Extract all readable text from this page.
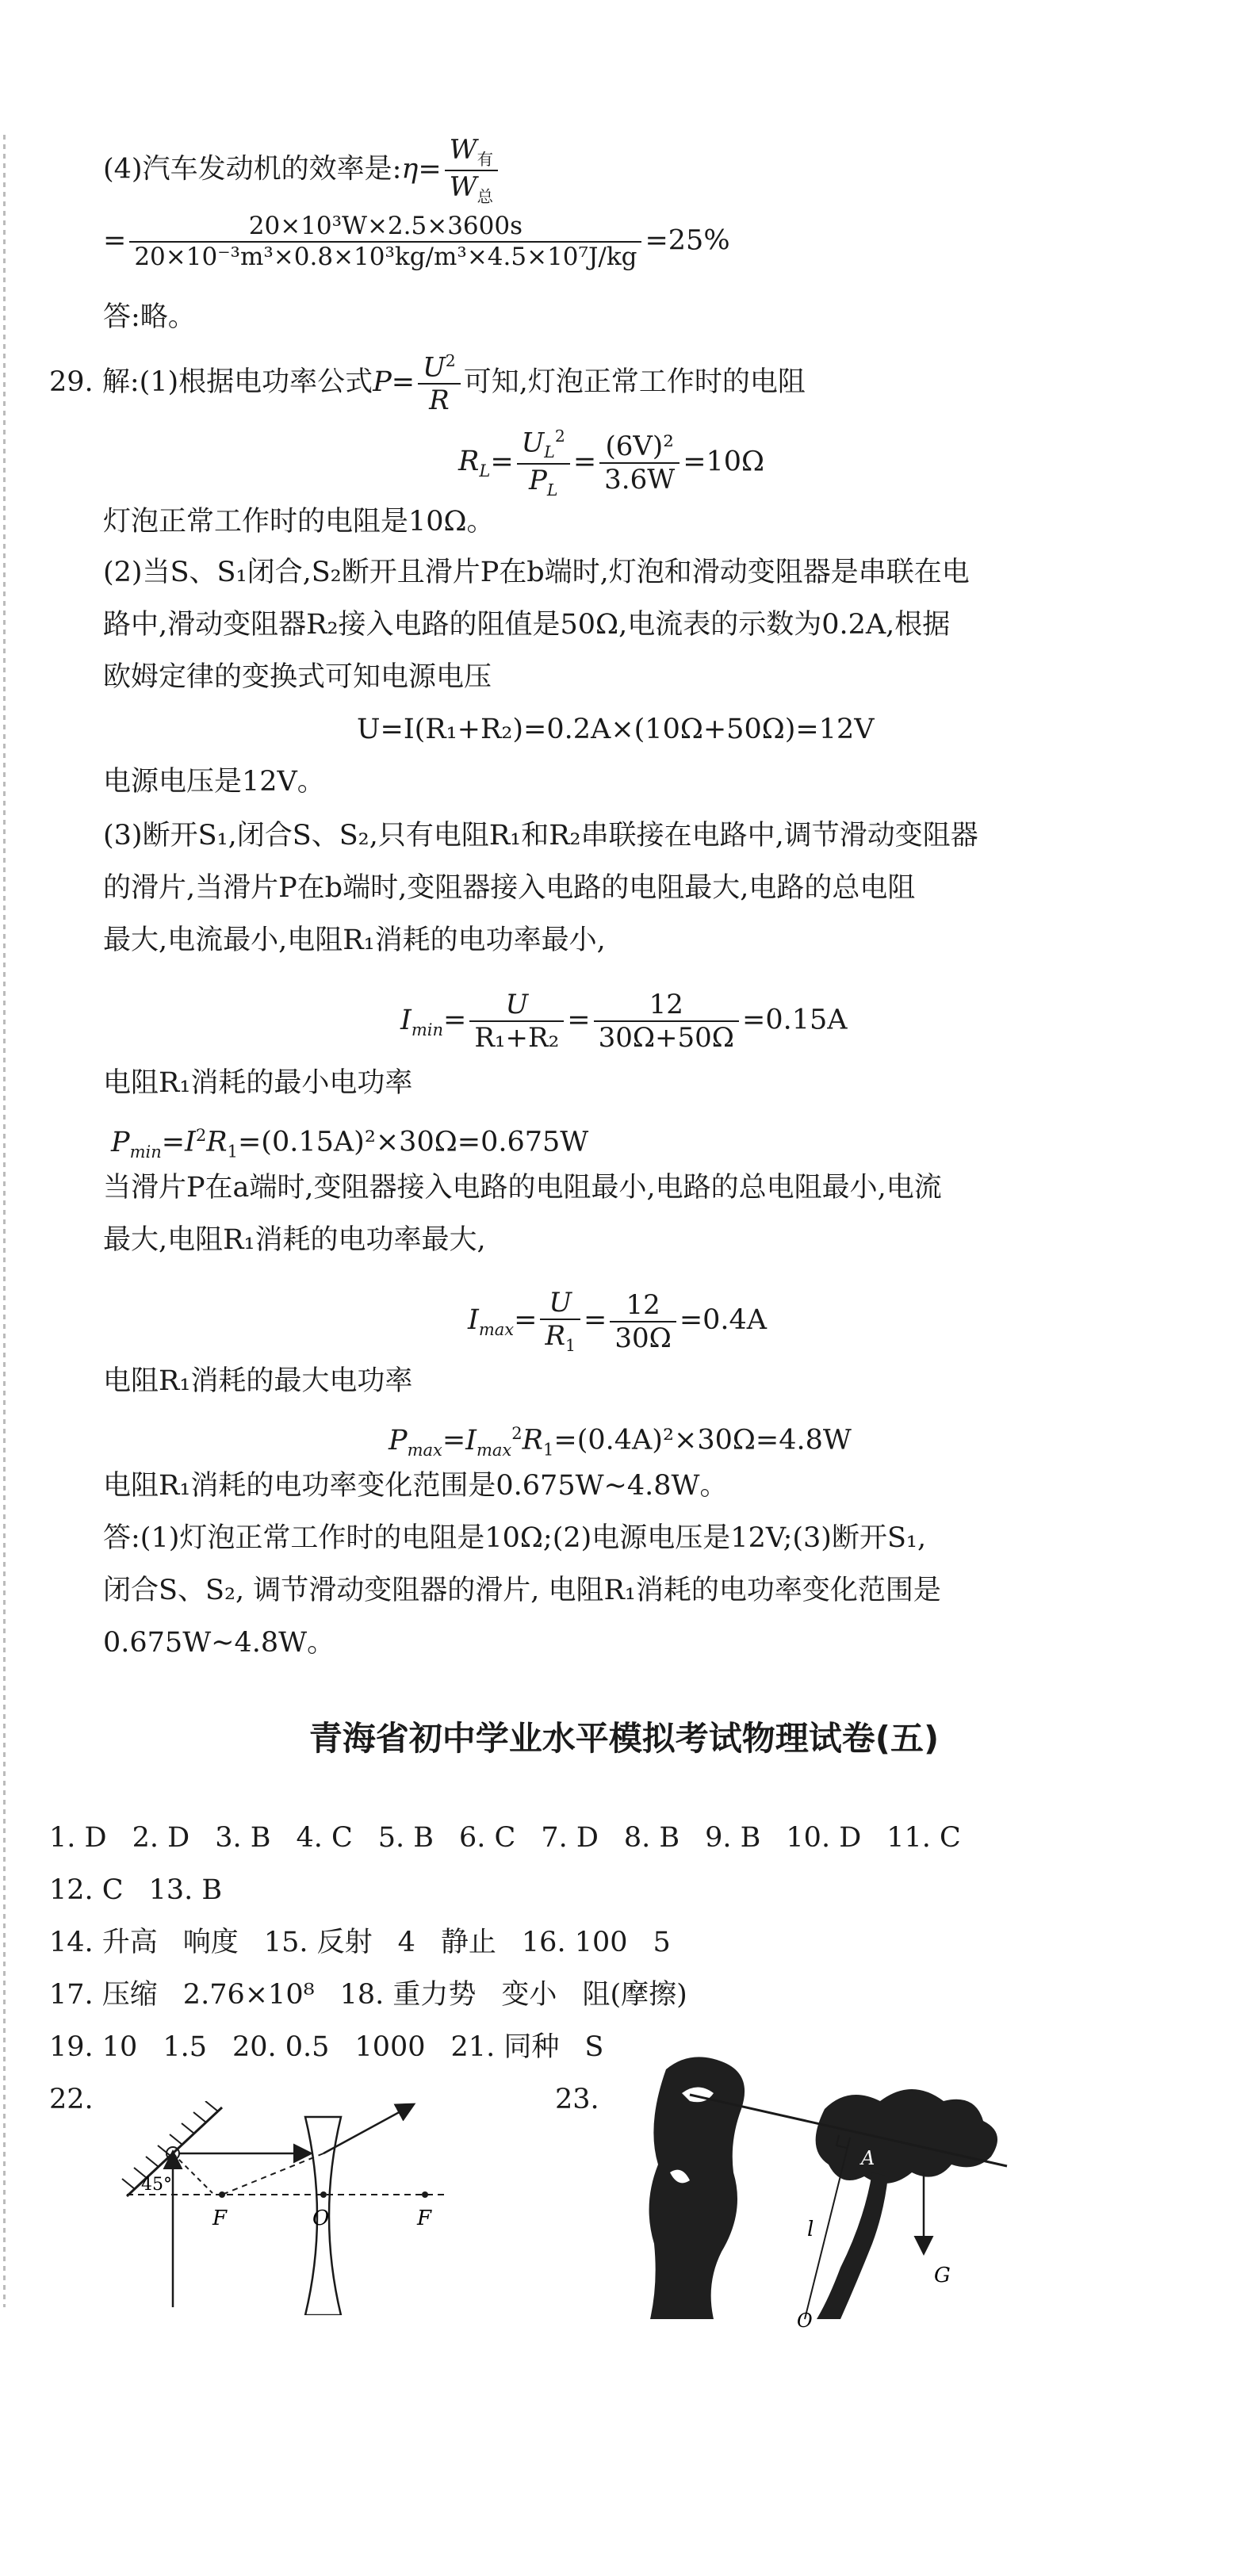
(4)汽车发动机的效率是:η= $\frac{W_有}{W_总}$
= $\frac{\text{20×10³W×2.5×3600s}}{\text{20×10⁻³m³×0.8×10³kg/m³×4.5×10⁷J/kg}} =25\%$
答:略。
29. 解:(1)根据电功率公式$P= \frac{U^2}{R}$ 可知,灯泡正常工作时的电阻
$R_L= \frac{U_L^2}{P_L} = \frac{\text{(6V)²}}{3.6W} =10\Omega$
灯泡正常工作时的电阻是10Ω。
(2)当S、S₁闭合,S₂断开且滑片P在b端时,灯泡和滑动变阻器是串联在电
路中,滑动变阻器R₂接入电路的阻值是50Ω,电流表的示数为0.2A,根据
欧姆定律的变换式可知电源电压
U=I(R₁+R₂)=0.2A×(10Ω+50Ω)=12V
电源电压是12V。
(3)断开S₁,闭合S、S₂,只有电阻R₁和R₂串联接在电路中,调节滑动变阻器
的滑片,当滑片P在b端时,变阻器接入电路的电阻最大,电路的总电阻
最大,电流最小,电阻R₁消耗的电功率最小,
$I_{min}= \frac{U}{\text{R₁+R₂}} = \frac{12}{30\Omega+50\Omega} =0.15A$
电阻R₁消耗的最小电功率
$P_{min}=I^2R_1=(0.15A)^2\times 30\Omega=0.675W$
当滑片P在a端时,变阻器接入电路的电阻最小,电路的总电阻最小,电流
最大,电阻R₁消耗的电功率最大,
$I_{max}= \frac{U}{R_1} = \frac{12}{30\Omega} =0.4A$
电阻R₁消耗的最大电功率
$P_{max}=I_{max}^2R_1=(0.4A)^2\times 30\Omega=4.8W$
电阻R₁消耗的电功率变化范围是0.675W~4.8W。
答:(1)灯泡正常工作时的电阻是10Ω;(2)电源电压是12V;(3)断开S₁,
闭合S、S₂, 调节滑动变阻器的滑片, 电阻R₁消耗的电功率变化范围是
0.675W~4.8W。
青海省初中学业水平模拟考试物理试卷(五)
1. D 2. D 3. B 4. C 5. B 6. C 7. D 8. B 9. B 10. D 11. C
12. C 13. B
14. 升高 响度 15. 反射 4 静止 16. 100 5
17. 压缩 2.76×10⁸ 18. 重力势 变小 阻(摩擦)
19. 10 1.5 20. 0.5 1000 21. 同种 S
22.
45°
F	O	F
23.
l
A
O
G
